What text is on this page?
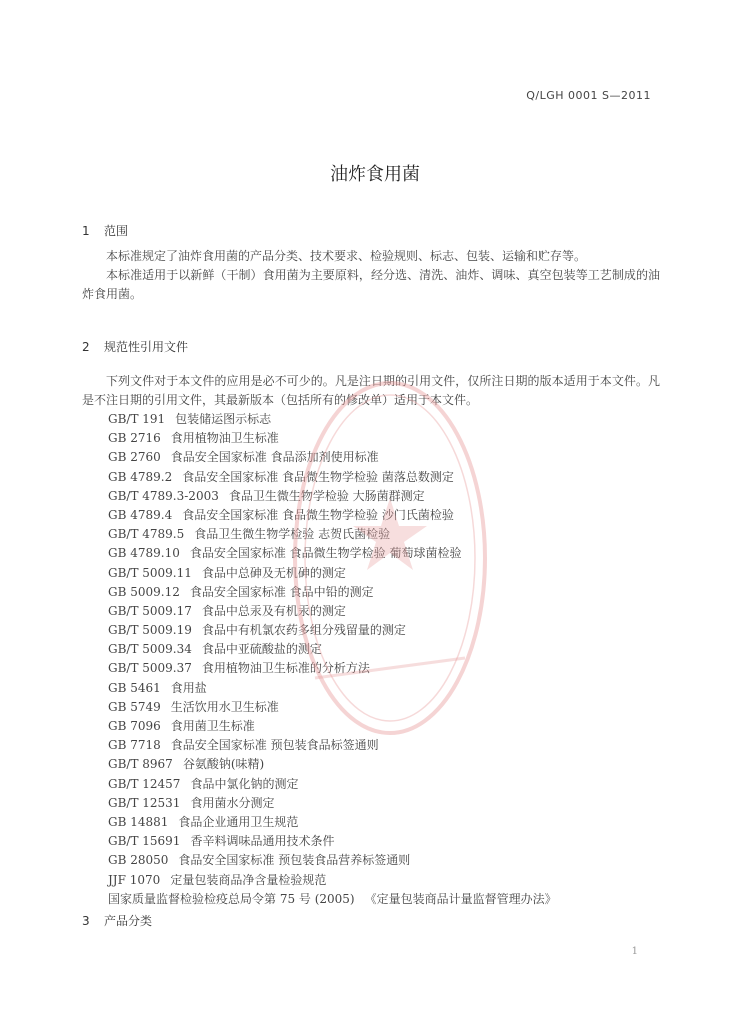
Q/LGH 0001 S—2011
油炸食用菌
1 范围

本标准规定了油炸食用菌的产品分类、技术要求、检验规则、标志、包装、运输和贮存等。

本标准适用于以新鲜（干制）食用菌为主要原料，经分选、清洗、油炸、调味、真空包装等工艺制成的油炸食用菌。

2 规范性引用文件

下列文件对于本文件的应用是必不可少的。凡是注日期的引用文件，仅所注日期的版本适用于本文件。凡是不注日期的引用文件，其最新版本（包括所有的修改单）适用于本文件。

GB/T 191 包装储运图示标志
GB 2716 食用植物油卫生标准
GB 2760 食品安全国家标准 食品添加剂使用标准
GB 4789.2 食品安全国家标准 食品微生物学检验 菌落总数测定
GB/T 4789.3-2003 食品卫生微生物学检验 大肠菌群测定
GB 4789.4 食品安全国家标准 食品微生物学检验 沙门氏菌检验
GB/T 4789.5 食品卫生微生物学检验 志贺氏菌检验
GB 4789.10 食品安全国家标准 食品微生物学检验 葡萄球菌检验
GB/T 5009.11 食品中总砷及无机砷的测定
GB 5009.12 食品安全国家标准 食品中铅的测定
GB/T 5009.17 食品中总汞及有机汞的测定
GB/T 5009.19 食品中有机氯农药多组分残留量的测定
GB/T 5009.34 食品中亚硫酸盐的测定
GB/T 5009.37 食用植物油卫生标准的分析方法
GB 5461 食用盐
GB 5749 生活饮用水卫生标准
GB 7096 食用菌卫生标准
GB 7718 食品安全国家标准 预包装食品标签通则
GB/T 8967 谷氨酸钠(味精)
GB/T 12457 食品中氯化钠的测定
GB/T 12531 食用菌水分测定
GB 14881 食品企业通用卫生规范
GB/T 15691 香辛料调味品通用技术条件
GB 28050 食品安全国家标准 预包装食品营养标签通则
JJF 1070 定量包装商品净含量检验规范
国家质量监督检验检疫总局令第 75 号 (2005) 《定量包装商品计量监督管理办法》
3 产品分类
1
